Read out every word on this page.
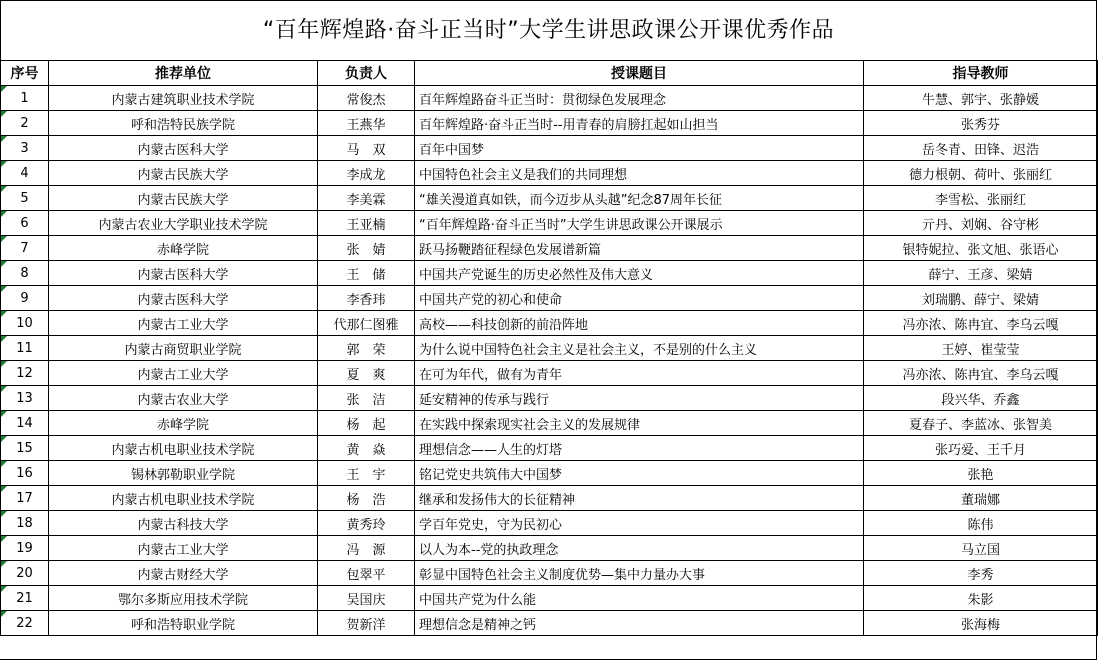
“百年辉煌路·奋斗正当时”大学生讲思政课公开课优秀作品
序号	推荐单位	负责人	授课题目	指导教师

1	内蒙古建筑职业技术学院	常俊杰	百年辉煌路奋斗正当时：贯彻绿色发展理念	牛慧、郭宇、张静媛

2	呼和浩特民族学院	王燕华	百年辉煌路·奋斗正当时--用青春的肩膀扛起如山担当	张秀芬

3	内蒙古医科大学	马　双	百年中国梦	岳冬青、田锋、迟浩

4	内蒙古民族大学	李成龙	中国特色社会主义是我们的共同理想	德力根朝、荷叶、张丽红

5	内蒙古民族大学	李美霖	“雄关漫道真如铁，而今迈步从头越”纪念87周年长征	李雪松、张丽红

6	内蒙古农业大学职业技术学院	王亚楠	“百年辉煌路·奋斗正当时”大学生讲思政课公开课展示	亓丹、刘娴、谷守彬

7	赤峰学院	张　婧	跃马扬鞭踏征程绿色发展谱新篇	银特妮拉、张文旭、张语心

8	内蒙古医科大学	王　储	中国共产党诞生的历史必然性及伟大意义	薛宁、王彦、梁婧

9	内蒙古医科大学	李香玮	中国共产党的初心和使命	刘瑞鹏、薛宁、梁婧

10	内蒙古工业大学	代那仁图雅	高校——科技创新的前沿阵地	冯亦浓、陈冉宜、李乌云嘎

11	内蒙古商贸职业学院	郭　荣	为什么说中国特色社会主义是社会主义，不是别的什么主义	王婷、崔莹莹

12	内蒙古工业大学	夏　爽	在可为年代，做有为青年	冯亦浓、陈冉宜、李乌云嘎

13	内蒙古农业大学	张　洁	延安精神的传承与践行	段兴华、乔鑫

14	赤峰学院	杨　起	在实践中探索现实社会主义的发展规律	夏春子、李蓝冰、张智美

15	内蒙古机电职业技术学院	黄　焱	理想信念——人生的灯塔	张巧爱、王千月

16	锡林郭勒职业学院	王　宇	铭记党史共筑伟大中国梦	张艳

17	内蒙古机电职业技术学院	杨　浩	继承和发扬伟大的长征精神	董瑞娜

18	内蒙古科技大学	黄秀玲	学百年党史，守为民初心	陈伟

19	内蒙古工业大学	冯　源	以人为本--党的执政理念	马立国

20	内蒙古财经大学	包翠平	彰显中国特色社会主义制度优势—集中力量办大事	李秀

21	鄂尔多斯应用技术学院	吴国庆	中国共产党为什么能	朱影

22	呼和浩特职业学院	贺新洋	理想信念是精神之钙	张海梅
